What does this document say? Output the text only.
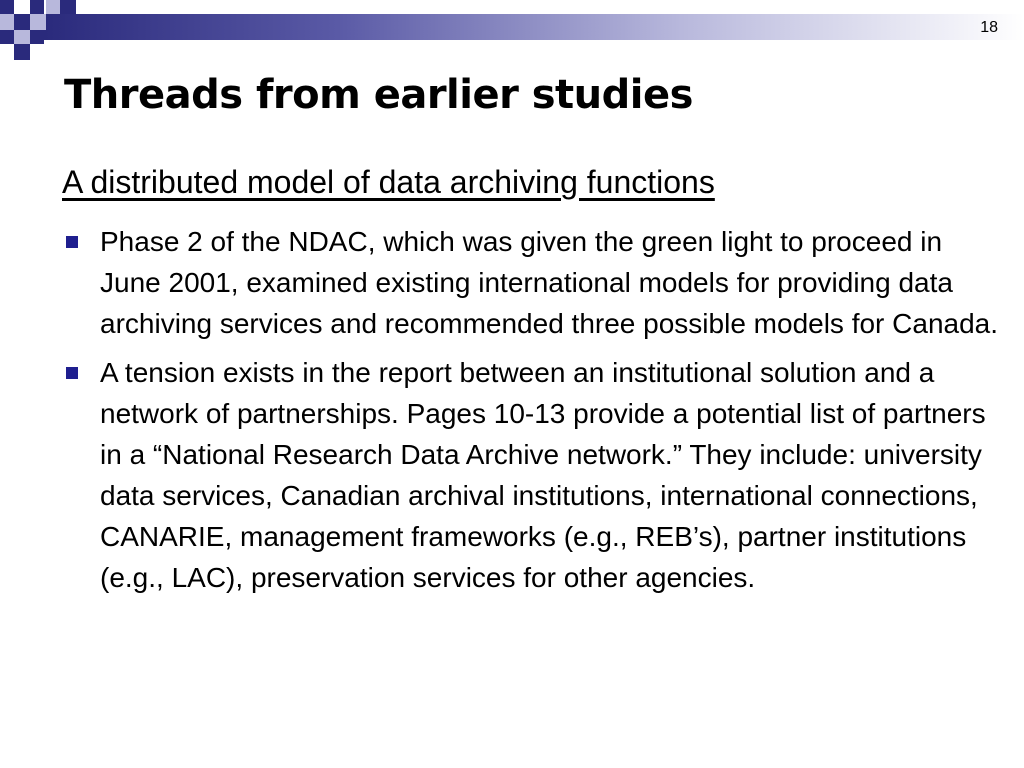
18
Threads from earlier studies
A distributed model of data archiving functions
Phase 2 of the NDAC, which was given the green light to proceed in June 2001, examined existing international models for providing data archiving services and recommended three possible models for Canada.
A tension exists in the report between an institutional solution and a network of partnerships. Pages 10-13 provide a potential list of partners in a “National Research Data Archive network.” They include: university data services, Canadian archival institutions, international connections, CANARIE, management frameworks (e.g., REB’s), partner institutions (e.g., LAC), preservation services for other agencies.
